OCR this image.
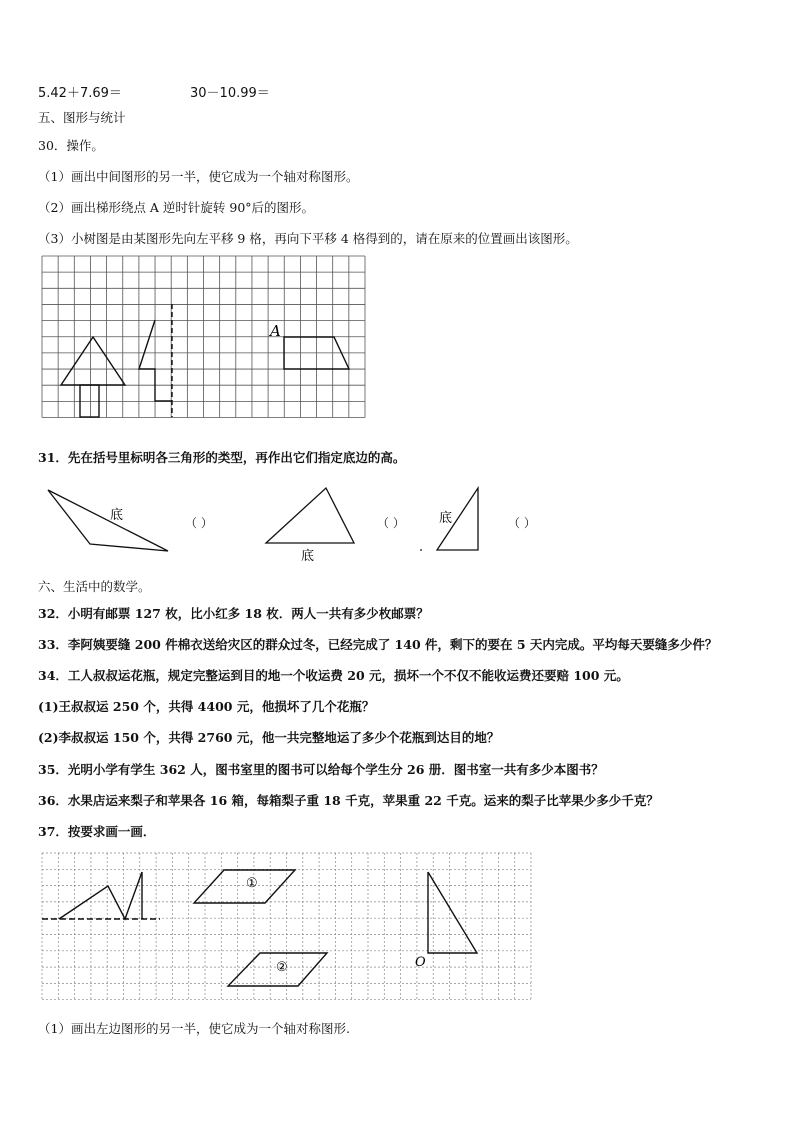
5.42＋7.69＝	30－10.99＝
五、图形与统计
30．操作。
（1）画出中间图形的另一半，使它成为一个轴对称图形。
（2）画出梯形绕点 A 逆时针旋转 90°后的图形。
（3）小树图是由某图形先向左平移 9 格，再向下平移 4 格得到的，请在原来的位置画出该图形。
A
31．先在括号里标明各三角形的类型，再作出它们指定底边的高。
底	（ ）
底
（ ）	底	（ ）
六、生活中的数学。
32．小明有邮票 127 枚，比小红多 18 枚．两人一共有多少枚邮票？
33．李阿姨要缝 200 件棉衣送给灾区的群众过冬，已经完成了 140 件，剩下的要在 5 天内完成。平均每天要缝多少件？
34．工人叔叔运花瓶，规定完整运到目的地一个收运费 20 元，损坏一个不仅不能收运费还要赔 100 元。
(1)王叔叔运 250 个，共得 4400 元，他损坏了几个花瓶？
(2)李叔叔运 150 个，共得 2760 元，他一共完整地运了多少个花瓶到达目的地？
35．光明小学有学生 362 人，图书室里的图书可以给每个学生分 26 册．图书室一共有多少本图书？
36．水果店运来梨子和苹果各 16 箱，每箱梨子重 18 千克，苹果重 22 千克。运来的梨子比苹果少多少千克？
37．按要求画一画．
①
②	O
（1）画出左边图形的另一半，使它成为一个轴对称图形.
